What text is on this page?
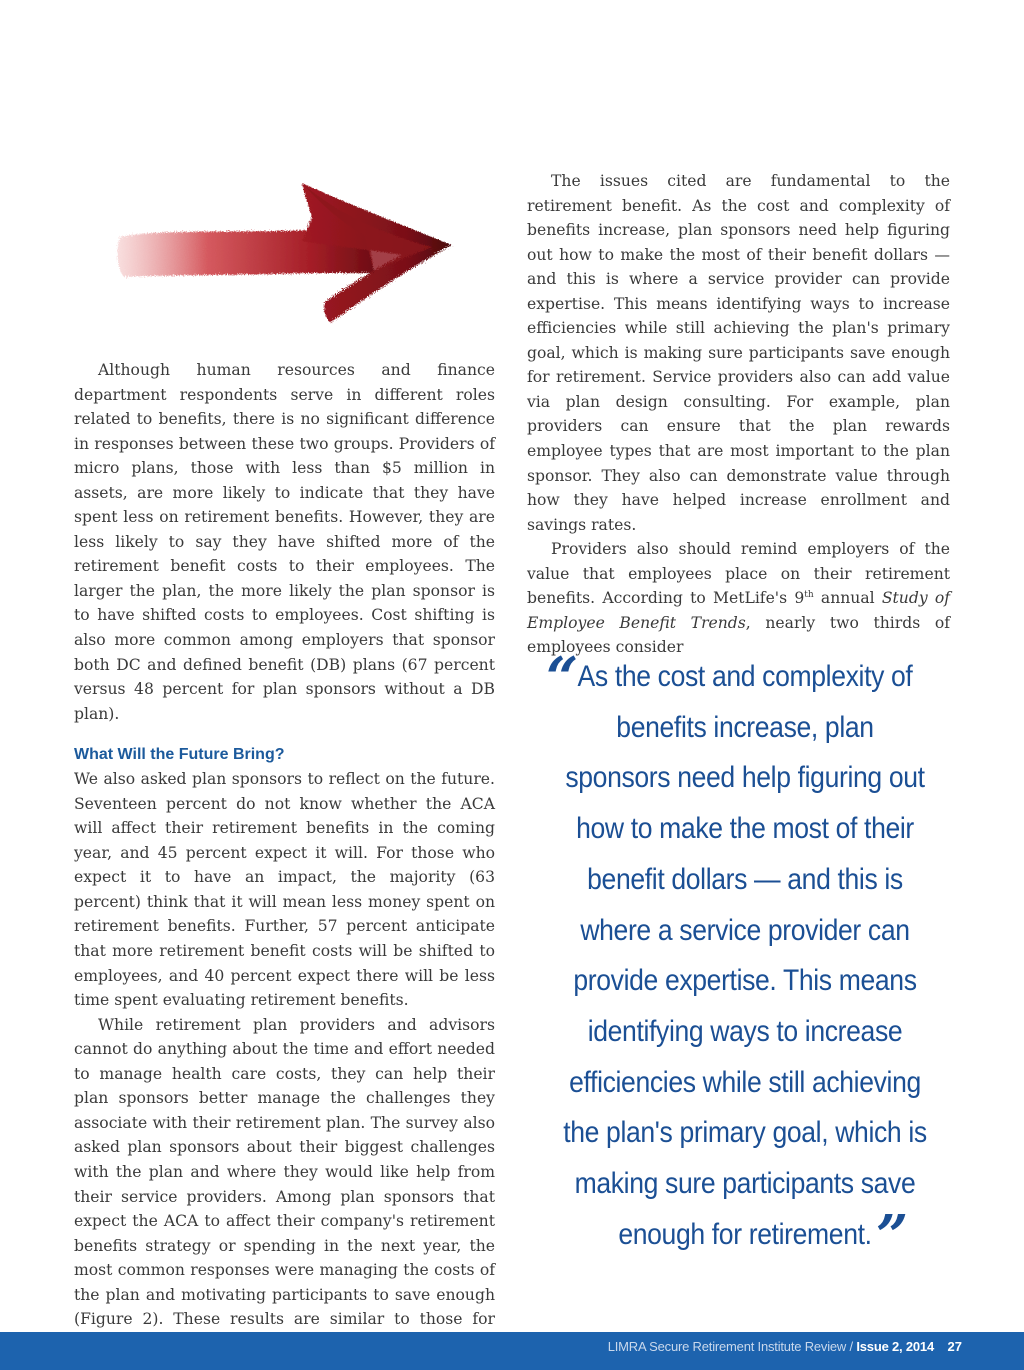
Although human resources and finance department respondents serve in different roles related to benefits, there is no significant difference in responses between these two groups. Providers of micro plans, those with less than $5 million in assets, are more likely to indicate that they have spent less on retirement benefits. However, they are less likely to say they have shifted more of the retirement benefit costs to their employees. The larger the plan, the more likely the plan sponsor is to have shifted costs to employees. Cost shifting is also more common among employers that sponsor both DC and defined benefit (DB) plans (67 percent versus 48 percent for plan sponsors without a DB plan).

What Will the Future Bring?

We also asked plan sponsors to reflect on the future. Seventeen percent do not know whether the ACA will affect their retirement benefits in the coming year, and 45 percent expect it will. For those who expect it to have an impact, the majority (63 percent) think that it will mean less money spent on retirement benefits. Further, 57 percent anticipate that more retirement benefit costs will be shifted to employees, and 40 percent expect there will be less time spent evaluating retirement benefits.

While retirement plan providers and advisors cannot do anything about the time and effort needed to manage health care costs, they can help their plan sponsors better manage the challenges they associate with their retirement plan. The survey also asked plan sponsors about their biggest challenges with the plan and where they would like help from their service providers. Among plan sponsors that expect the ACA to affect their company's retirement benefits strategy or spending in the next year, the most common responses were managing the costs of the plan and motivating participants to save enough (Figure 2). These results are similar to those for

The issues cited are fundamental to the retirement benefit. As the cost and complexity of benefits increase, plan sponsors need help figuring out how to make the most of their benefit dollars — and this is where a service provider can provide expertise. This means identifying ways to increase efficiencies while still achieving the plan's primary goal, which is making sure participants save enough for retirement. Service providers also can add value via plan design consulting. For example, plan providers can ensure that the plan rewards employee types that are most important to the plan sponsor. They also can demonstrate value through how they have helped increase enrollment and savings rates.

Providers also should remind employers of the value that employees place on their retirement benefits. According to MetLife's 9th annual Study of Employee Benefit Trends, nearly two thirds of employees consider

“ As the cost and complexity of benefits increase, plan sponsors need help figuring out how to make the most of their benefit dollars — and this is where a service provider can provide expertise. This means identifying ways to increase efficiencies while still achieving the plan's primary goal, which is making sure participants save enough for retirement. ”
LIMRA Secure Retirement Institute Review / Issue 2, 2014 27
